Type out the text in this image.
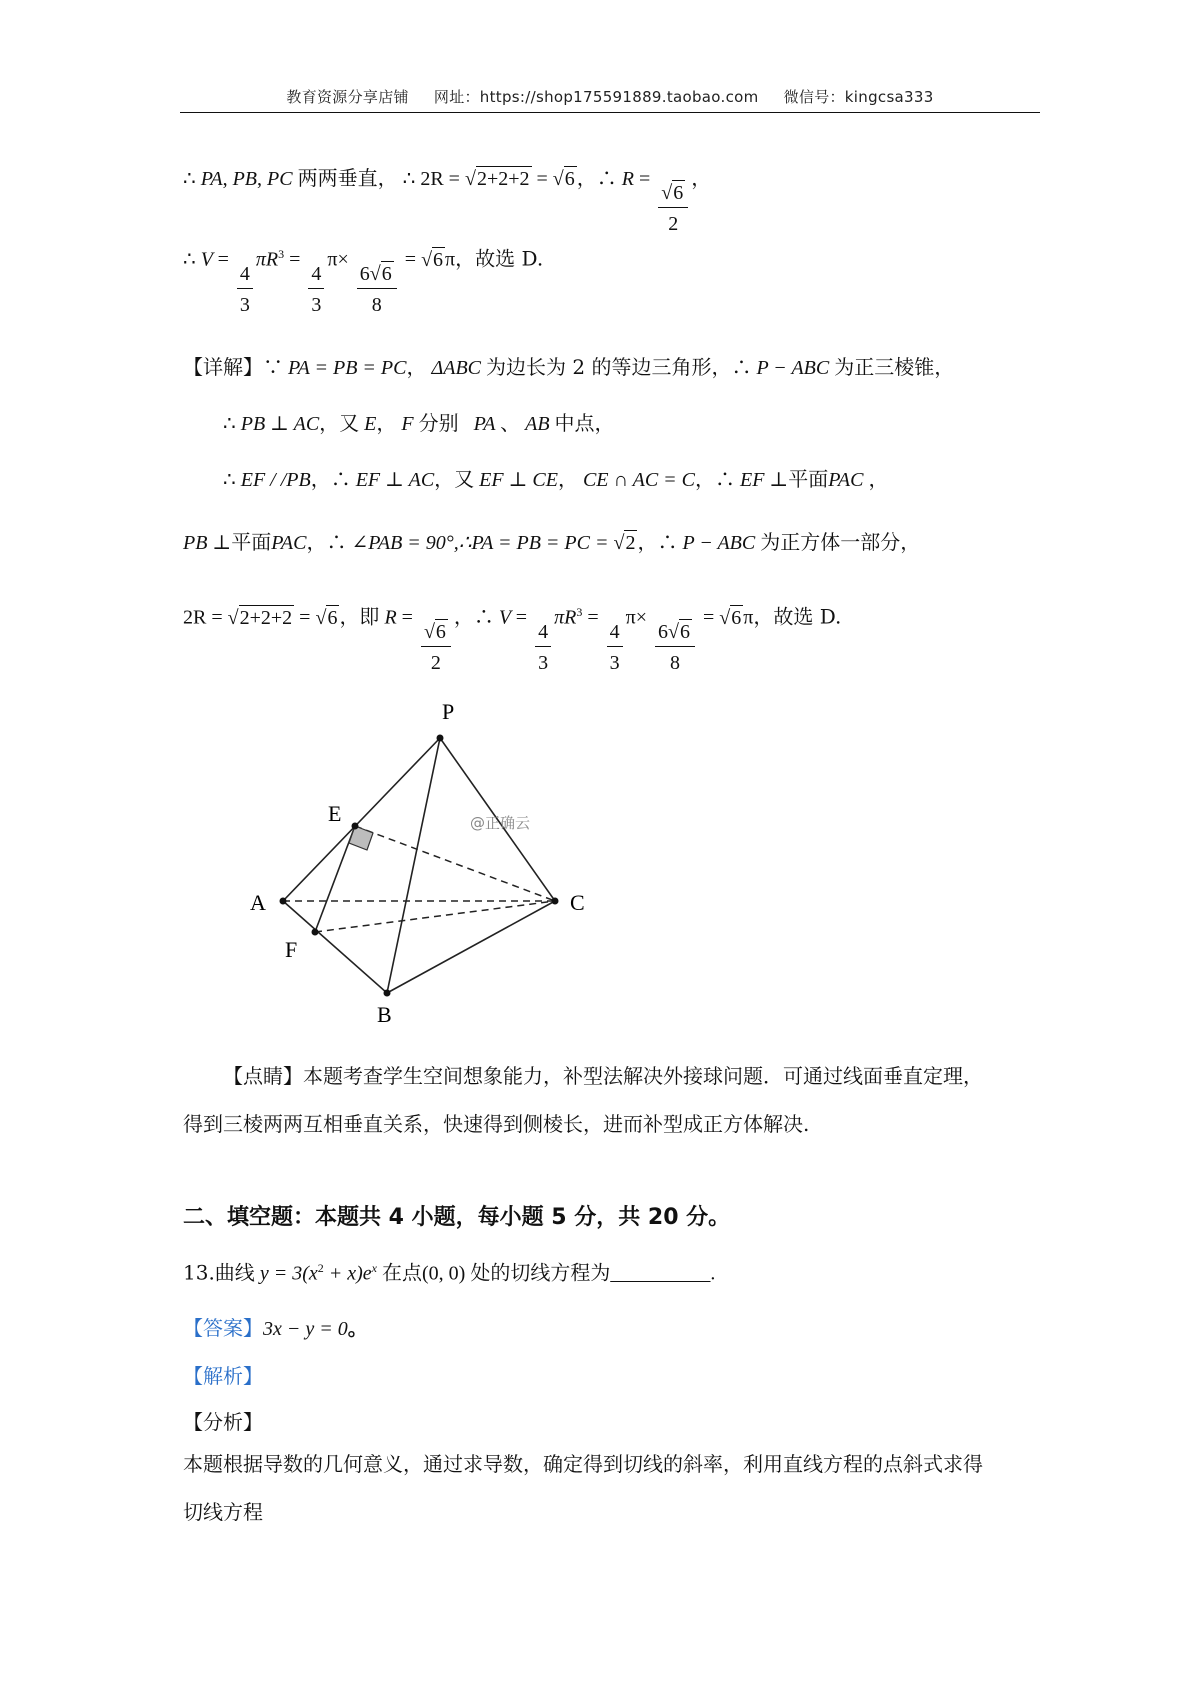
教育资源分享店铺 网址：https://shop175591889.taobao.com 微信号：kingcsa333
∴ PA, PB, PC 两两垂直， ∴ 2R = √2+2+2 = √6 ，∴ R =
$\frac{√6}{2}$
，
∴ V =
$\frac{4}{3}$
$\pi R^3$ =
$\frac{4}{3}$
π×
$\frac{6√6}{8}$
= √6 π，故选 D.
【详解】∵ PA = PB = PC， ΔABC 为边长为 2 的等边三角形，∴ P − ABC 为正三棱锥，
∴ PB ⊥ AC，又 E， F 分别 PA 、 AB 中点，
∴ EF / /PB，∴ EF ⊥ AC，又 EF ⊥ CE， CE ∩ AC = C，∴ EF ⊥平面PAC ，
PB ⊥平面PAC，∴ ∠PAB = 90°,∴PA = PB = PC = √2 ，∴ P − ABC 为正方体一部分，
2R = √2+2+2 = √6 ，即 R =
$\frac{√6}{2}$
，∴ V =
$\frac{4}{3}$
$\pi R^3$ =
$\frac{4}{3}$
π×
$\frac{6√6}{8}$
= √6 π，故选 D.
P
E
A	C
F
B
@正确云
【点睛】本题考查学生空间想象能力，补型法解决外接球问题．可通过线面垂直定理，
得到三棱两两互相垂直关系，快速得到侧棱长，进而补型成正方体解决.
二、填空题：本题共 4 小题，每小题 5 分，共 20 分。
13.曲线 $y = 3(x^2 + x)e^x$ 在点(0, 0) 处的切线方程为__________.
【答案】3x − y = 0。
【解析】
【分析】
本题根据导数的几何意义，通过求导数，确定得到切线的斜率，利用直线方程的点斜式求得
切线方程
